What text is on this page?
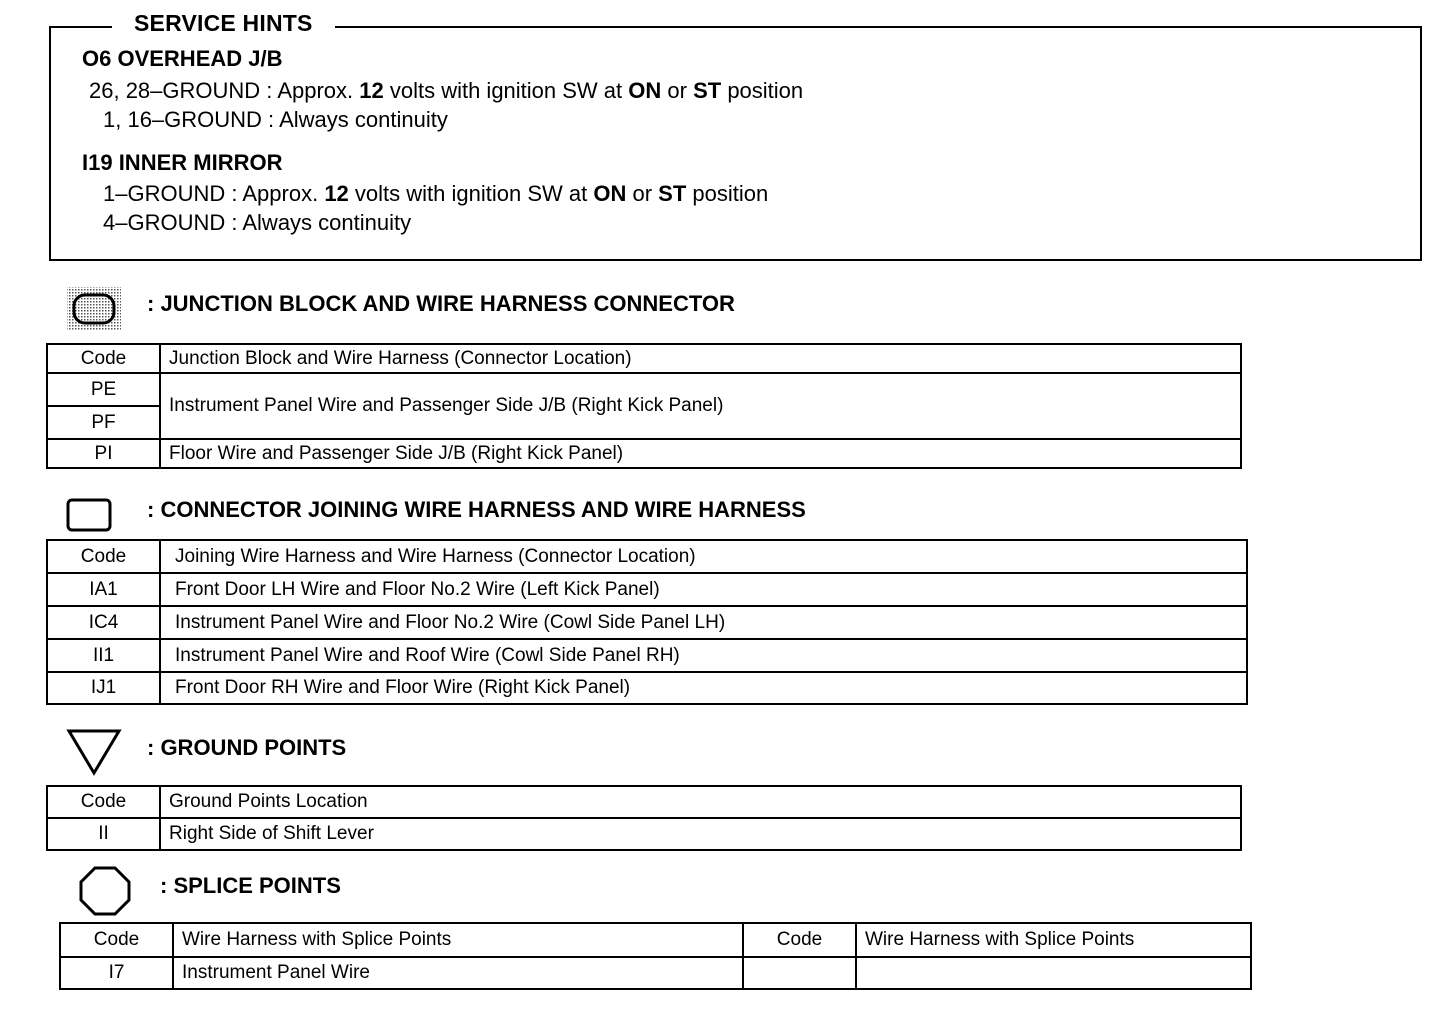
SERVICE HINTS
O6 OVERHEAD J/B
26, 28–GROUND : Approx. 12 volts with ignition SW at ON or ST position
1, 16–GROUND : Always continuity
I19 INNER MIRROR
1–GROUND : Approx. 12 volts with ignition SW at ON or ST position
4–GROUND : Always continuity
: JUNCTION BLOCK AND WIRE HARNESS CONNECTOR
Code	Junction Block and Wire Harness (Connector Location)
PE	Instrument Panel Wire and Passenger Side J/B (Right Kick Panel)
PF	
PI	Floor Wire and Passenger Side J/B (Right Kick Panel)
: CONNECTOR JOINING WIRE HARNESS AND WIRE HARNESS
Code	Joining Wire Harness and Wire Harness (Connector Location)
IA1	Front Door LH Wire and Floor No.2 Wire (Left Kick Panel)
IC4	Instrument Panel Wire and Floor No.2 Wire (Cowl Side Panel LH)
II1	Instrument Panel Wire and Roof Wire (Cowl Side Panel RH)
IJ1	Front Door RH Wire and Floor Wire (Right Kick Panel)
: GROUND POINTS
Code	Ground Points Location
II	Right Side of Shift Lever
: SPLICE POINTS
Code	Wire Harness with Splice Points	Code	Wire Harness with Splice Points
I7	Instrument Panel Wire		
